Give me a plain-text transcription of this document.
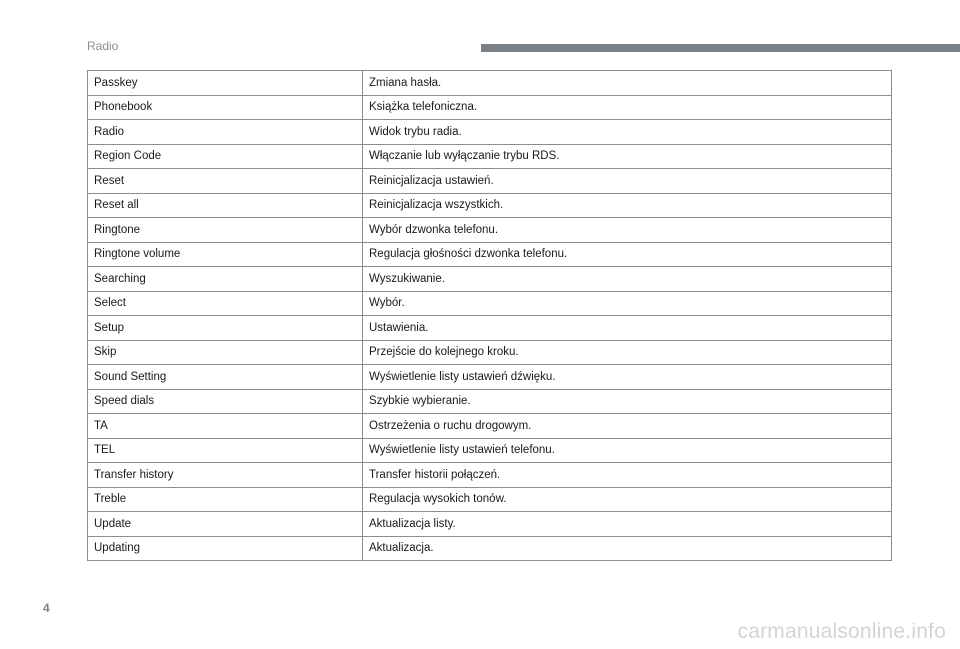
Radio
Passkey	Zmiana hasła.
Phonebook	Książka telefoniczna.
Radio	Widok trybu radia.
Region Code	Włączanie lub wyłączanie trybu RDS.
Reset	Reinicjalizacja ustawień.
Reset all	Reinicjalizacja wszystkich.
Ringtone	Wybór dzwonka telefonu.
Ringtone volume	Regulacja głośności dzwonka telefonu.
Searching	Wyszukiwanie.
Select	Wybór.
Setup	Ustawienia.
Skip	Przejście do kolejnego kroku.
Sound Setting	Wyświetlenie listy ustawień dźwięku.
Speed dials	Szybkie wybieranie.
TA	Ostrzeżenia o ruchu drogowym.
TEL	Wyświetlenie listy ustawień telefonu.
Transfer history	Transfer historii połączeń.
Treble	Regulacja wysokich tonów.
Update	Aktualizacja listy.
Updating	Aktualizacja.
4
carmanualsonline.info
